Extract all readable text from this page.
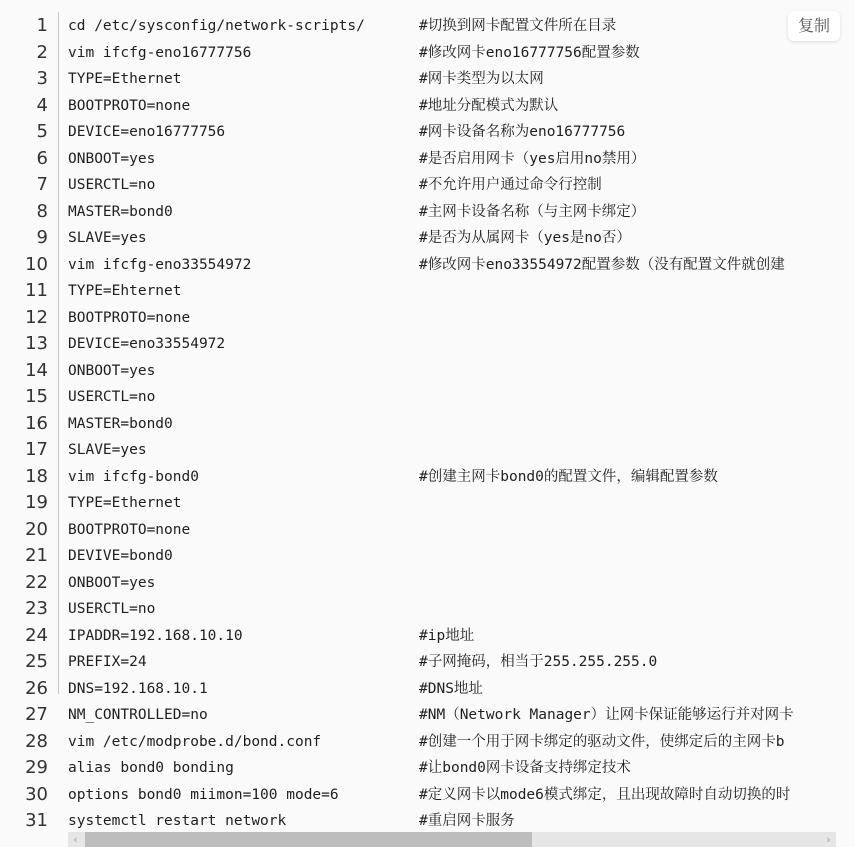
1 cd /etc/sysconfig/network-scripts/	#切换到网卡配置文件所在目录
2 vim ifcfg-eno16777756	#修改网卡eno16777756配置参数
3 TYPE=Ethernet	#网卡类型为以太网
4 BOOTPROTO=none	#地址分配模式为默认
5 DEVICE=eno16777756	#网卡设备名称为eno16777756
6 ONBOOT=yes	#是否启用网卡（yes启用no禁用）
7 USERCTL=no	#不允许用户通过命令行控制
8 MASTER=bond0	#主网卡设备名称（与主网卡绑定）
9 SLAVE=yes	#是否为从属网卡（yes是no否）
10 vim ifcfg-eno33554972	#修改网卡eno33554972配置参数（没有配置文件就创建
11 TYPE=Ehternet
12 BOOTPROTO=none
13 DEVICE=eno33554972
14 ONBOOT=yes
15 USERCTL=no
16 MASTER=bond0
17 SLAVE=yes
18 vim ifcfg-bond0	#创建主网卡bond0的配置文件，编辑配置参数
19 TYPE=Ethernet
20 BOOTPROTO=none
21 DEVIVE=bond0
22 ONBOOT=yes
23 USERCTL=no
24 IPADDR=192.168.10.10	#ip地址
25 PREFIX=24	#子网掩码，相当于255.255.255.0
26 DNS=192.168.10.1	#DNS地址
27 NM_CONTROLLED=no	#NM（Network Manager）让网卡保证能够运行并对网卡
28 vim /etc/modprobe.d/bond.conf	#创建一个用于网卡绑定的驱动文件，使绑定后的主网卡b
29 alias bond0 bonding	#让bond0网卡设备支持绑定技术
30 options bond0 miimon=100 mode=6	#定义网卡以mode6模式绑定，且出现故障时自动切换的时
31 systemctl restart network	#重启网卡服务
复制
‹	›
